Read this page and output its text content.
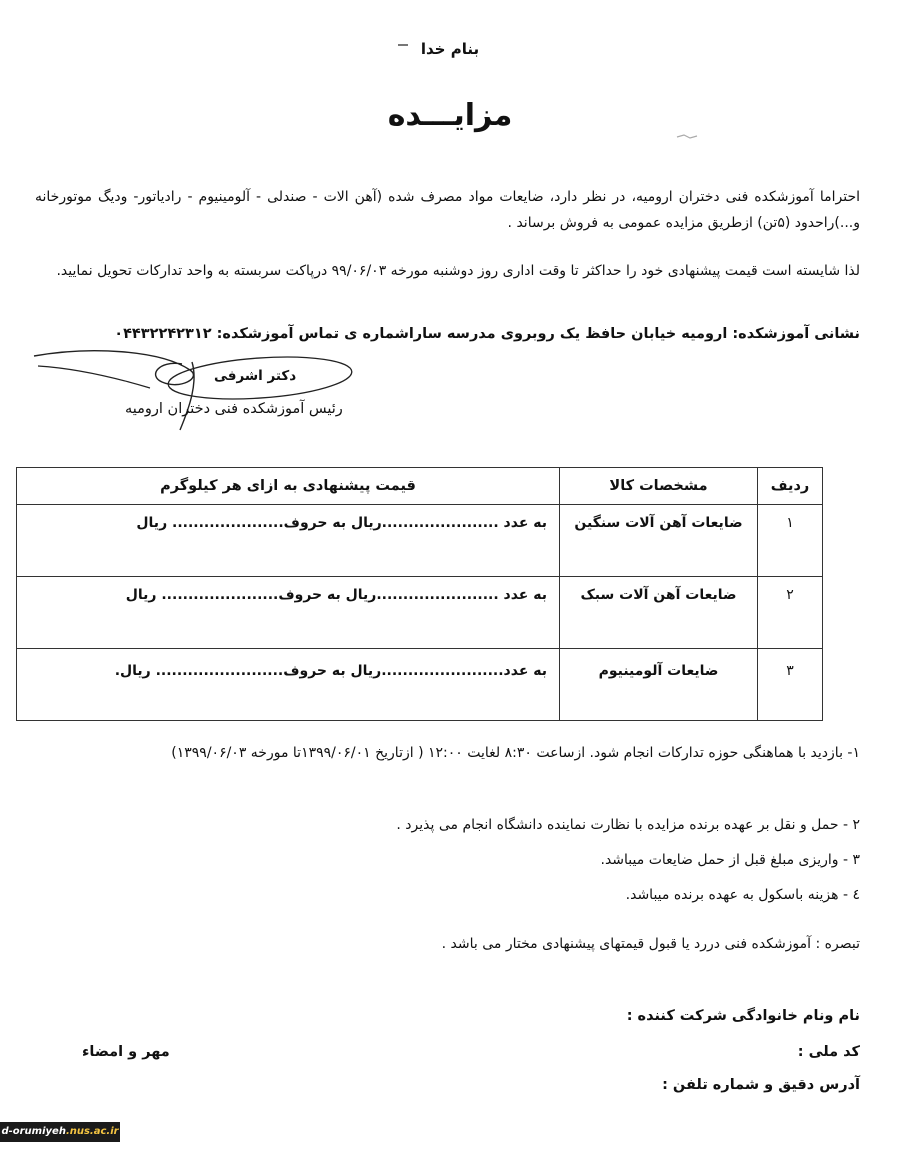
بنام خدا
مزایـــده
احتراما آموزشکده فنی دختران ارومیه، در نظر دارد، ضایعات مواد مصرف شده (آهن الات - صندلی - آلومینیوم - رادیاتور- ودیگ موتورخانه و...)راحدود (۵تن) ازطریق مزایده عمومی به فروش برساند .
لذا شایسته است قیمت پیشنهادی خود را حداکثر تا وقت اداری روز دوشنبه مورخه ۹۹/۰۶/۰۳ درپاکت سربسته به واحد تدارکات تحویل نمایید.
نشانی آموزشکده: ارومیه خیابان حافظ یک روبروی مدرسه ساراشماره ی تماس آموزشکده: ۰۴۴۳۲۲۴۲۳۱۲
دکتر اشرفی
رئیس آموزشکده فنی دختران ارومیه
ردیف	مشخصات کالا	قیمت پیشنهادی به ازای هر کیلوگرم
۱	ضایعات آهن آلات سنگین	به عدد ......................ریال به حروف..................... ریال
۲	ضایعات آهن آلات سبک	به عدد .......................ریال به حروف...................... ریال
۳	ضایعات آلومینیوم	به عدد.......................ریال به حروف........................ ریال.
۱- بازدید با هماهنگی حوزه تدارکات انجام شود. ازساعت ۸:۳۰ لغایت ۱۲:۰۰ ( ازتاریخ ۱۳۹۹/۰۶/۰۱تا مورخه ۱۳۹۹/۰۶/۰۳)
۲ - حمل و نقل بر عهده برنده مزایده با نظارت نماینده دانشگاه انجام می پذیرد .
۳ - واریزی مبلغ قبل از حمل ضایعات میباشد.
٤ - هزینه باسکول به عهده برنده میباشد.
تبصره : آموزشکده فنی دررد یا قبول قیمتهای پیشنهادی مختار می باشد .
نام ونام خانوادگی شرکت کننده :
کد ملی :
آدرس دقیق و شماره تلفن :
مهر و امضاء
d-orumiyeh.nus.ac.ir
